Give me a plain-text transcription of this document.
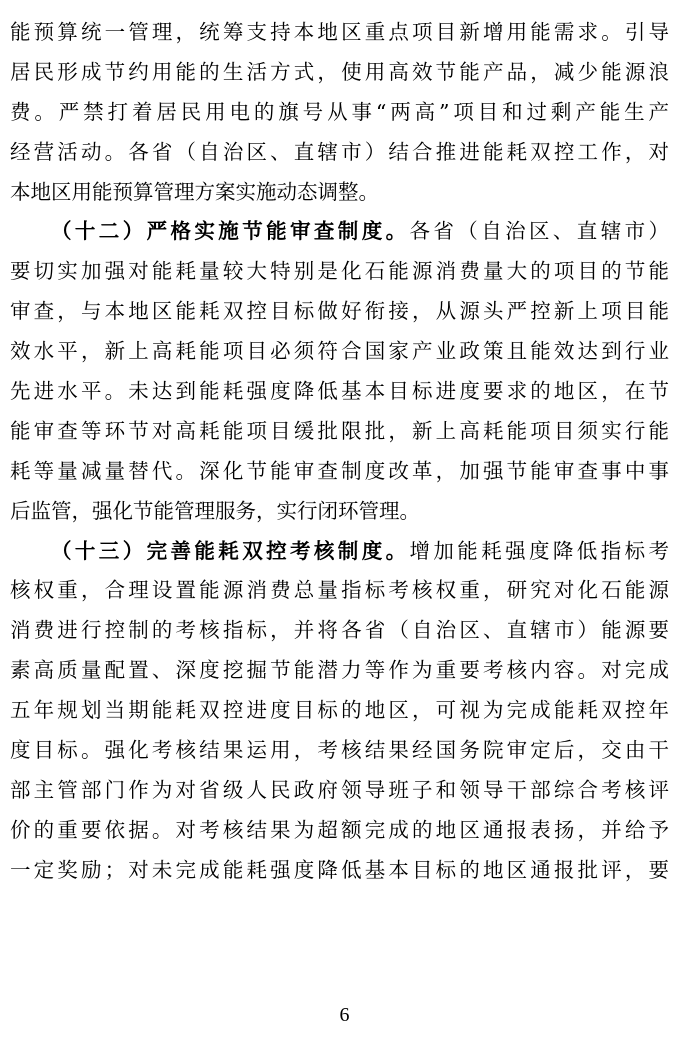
能预算统一管理，统筹支持本地区重点项目新增用能需求。引导
居民形成节约用能的生活方式，使用高效节能产品，减少能源浪
费。严禁打着居民用电的旗号从事“两高”项目和过剩产能生产
经营活动。各省（自治区、直辖市）结合推进能耗双控工作，对
本地区用能预算管理方案实施动态调整。
（十二）严格实施节能审查制度。各省（自治区、直辖市）
要切实加强对能耗量较大特别是化石能源消费量大的项目的节能
审查，与本地区能耗双控目标做好衔接，从源头严控新上项目能
效水平，新上高耗能项目必须符合国家产业政策且能效达到行业
先进水平。未达到能耗强度降低基本目标进度要求的地区，在节
能审查等环节对高耗能项目缓批限批，新上高耗能项目须实行能
耗等量减量替代。深化节能审查制度改革，加强节能审查事中事
后监管，强化节能管理服务，实行闭环管理。
（十三）完善能耗双控考核制度。增加能耗强度降低指标考
核权重，合理设置能源消费总量指标考核权重，研究对化石能源
消费进行控制的考核指标，并将各省（自治区、直辖市）能源要
素高质量配置、深度挖掘节能潜力等作为重要考核内容。对完成
五年规划当期能耗双控进度目标的地区，可视为完成能耗双控年
度目标。强化考核结果运用，考核结果经国务院审定后，交由干
部主管部门作为对省级人民政府领导班子和领导干部综合考核评
价的重要依据。对考核结果为超额完成的地区通报表扬，并给予
一定奖励；对未完成能耗强度降低基本目标的地区通报批评，要
6
